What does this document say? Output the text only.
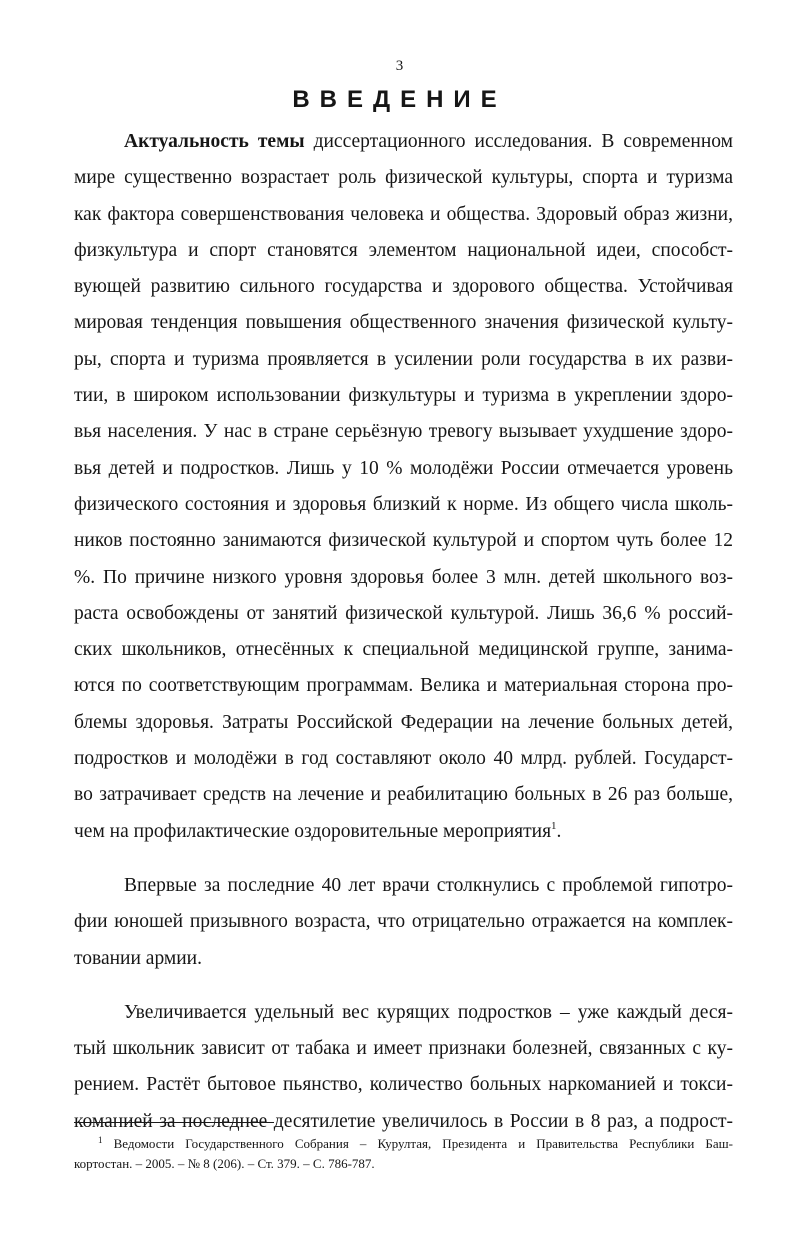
3
ВВЕДЕНИЕ
Актуальность темы диссертационного исследования. В современном
мире существенно возрастает роль физической культуры, спорта и туризма
как фактора совершенствования человека и общества. Здоровый образ жизни,
физкультура и спорт становятся элементом национальной идеи, способст-
вующей развитию сильного государства и здорового общества. Устойчивая
мировая тенденция повышения общественного значения физической культу-
ры, спорта и туризма проявляется в усилении роли государства в их разви-
тии, в широком использовании физкультуры и туризма в укреплении здоро-
вья населения. У нас в стране серьёзную тревогу вызывает ухудшение здоро-
вья детей и подростков. Лишь у 10 % молодёжи России отмечается уровень
физического состояния и здоровья близкий к норме. Из общего числа школь-
ников постоянно занимаются физической культурой и спортом чуть более 12
%. По причине низкого уровня здоровья более 3 млн. детей школьного воз-
раста освобождены от занятий физической культурой. Лишь 36,6 % россий-
ских школьников, отнесённых к специальной медицинской группе, занима-
ются по соответствующим программам. Велика и материальная сторона про-
блемы здоровья. Затраты Российской Федерации на лечение больных детей,
подростков и молодёжи в год составляют около 40 млрд. рублей. Государст-
во затрачивает средств на лечение и реабилитацию больных в 26 раз больше,
чем на профилактические оздоровительные мероприятия$^1$.
Впервые за последние 40 лет врачи столкнулись с проблемой гипотро-
фии юношей призывного возраста, что отрицательно отражается на комплек-
товании армии.
Увеличивается удельный вес курящих подростков – уже каждый деся-
тый школьник зависит от табака и имеет признаки болезней, связанных с ку-
рением. Растёт бытовое пьянство, количество больных наркоманией и токси-
команией за последнее десятилетие увеличилось в России в 8 раз, а подрост-
$^1$ Ведомости Государственного Собрания – Курултая, Президента и Правительства Республики Баш-
кортостан. – 2005. – № 8 (206). – Ст. 379. – С. 786-787.
